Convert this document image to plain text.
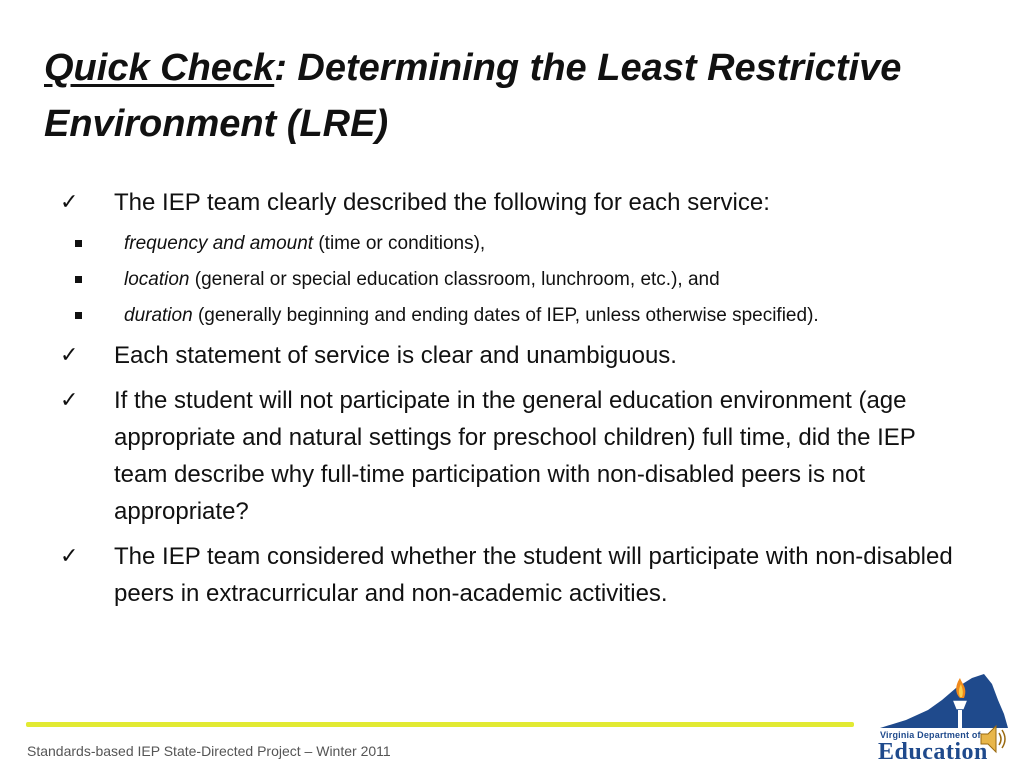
Quick Check: Determining the Least Restrictive Environment (LRE)
✓ The IEP team clearly described the following for each service:
frequency and amount (time or conditions),
location (general or special education classroom, lunchroom, etc.), and
duration (generally beginning and ending dates of IEP, unless otherwise specified).
✓ Each statement of service is clear and unambiguous.
✓ If the student will not participate in the general education environment (age appropriate and natural settings for preschool children) full time, did the IEP team describe why full-time participation with non-disabled peers is not appropriate?
✓ The IEP team considered whether the student will participate with non-disabled peers in extracurricular and non-academic activities.
Standards-based IEP State-Directed Project – Winter 2011
Virginia Department of
Education
